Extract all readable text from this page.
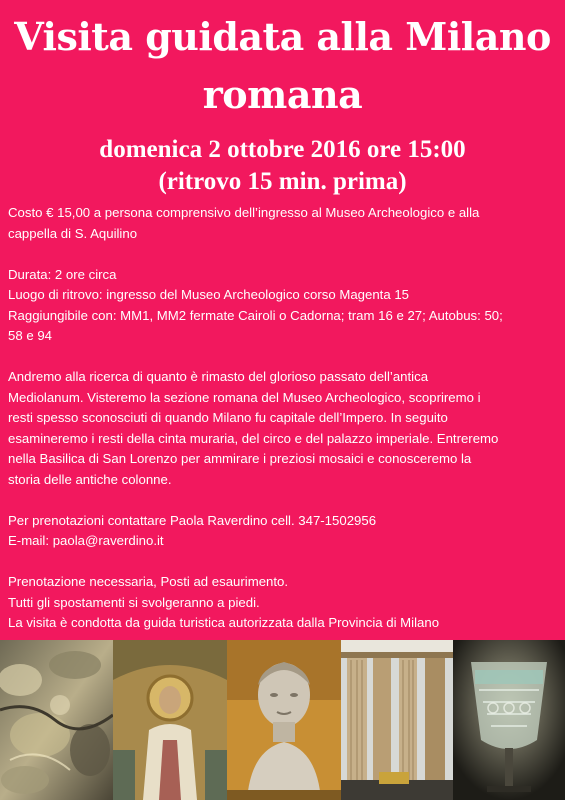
Visita guidata alla Milano
romana
domenica 2 ottobre 2016 ore 15:00
(ritrovo 15 min. prima)

Costo € 15,00 a persona comprensivo dell’ingresso al Museo Archeologico e alla

cappella di S. Aquilino

Durata: 2 ore circa

Luogo di ritrovo: ingresso del Museo Archeologico corso Magenta 15

Raggiungibile con: MM1, MM2 fermate Cairoli o Cadorna; tram 16 e 27; Autobus: 50;

58 e 94

Andremo alla ricerca di quanto è rimasto del glorioso passato dell’antica

Mediolanum. Visteremo la sezione romana del Museo Archeologico, scopriremo i

resti spesso sconosciuti di quando Milano fu capitale dell’Impero. In seguito

esamineremo i resti della cinta muraria, del circo e del palazzo imperiale. Entreremo

nella Basilica di San Lorenzo per ammirare i preziosi mosaici e conosceremo la

storia delle antiche colonne.

Per prenotazioni contattare Paola Raverdino cell. 347-1502956

E-mail: paola@raverdino.it

Prenotazione necessaria, Posti ad esaurimento.

Tutti gli spostamenti si svolgeranno a piedi.

La visita è condotta da guida turistica autorizzata dalla Provincia di Milano
